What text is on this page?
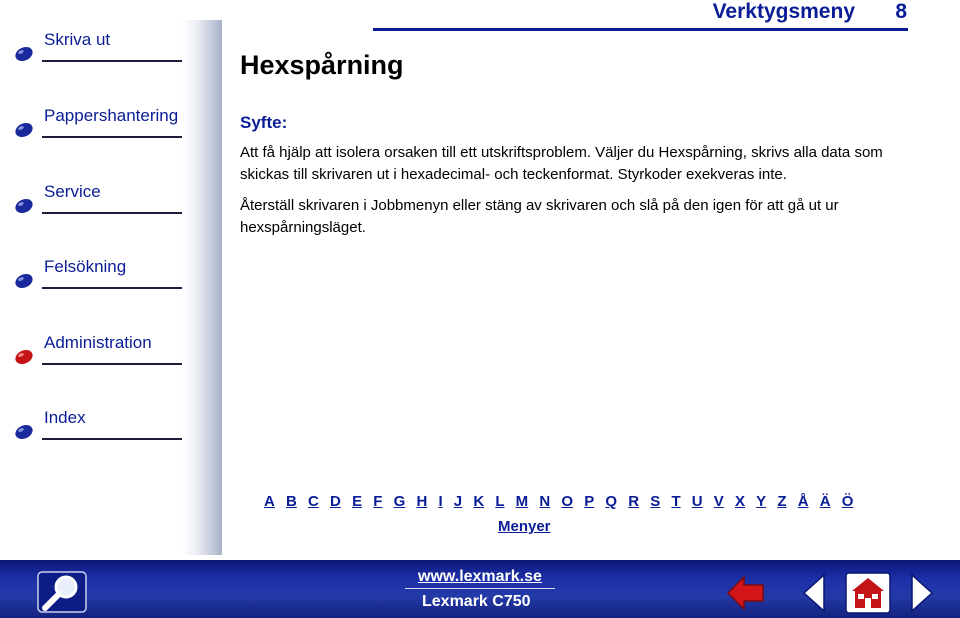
Skriva ut
Pappershantering
Service
Felsökning
Administration
Index
Verktygsmeny 8
Hexspårning
Syfte:

Att få hjälp att isolera orsaken till ett utskriftsproblem. Väljer du Hexspårning, skrivs alla data som skickas till skrivaren ut i hexadecimal- och teckenformat. Styrkoder exekveras inte.

Återställ skrivaren i Jobbmenyn eller stäng av skrivaren och slå på den igen för att gå ut ur hexspårningsläget.

A B C D E F G H I J K L M N O P Q R S T U V X Y Z Å Ä Ö
Menyer
www.lexmark.se
Lexmark C750
